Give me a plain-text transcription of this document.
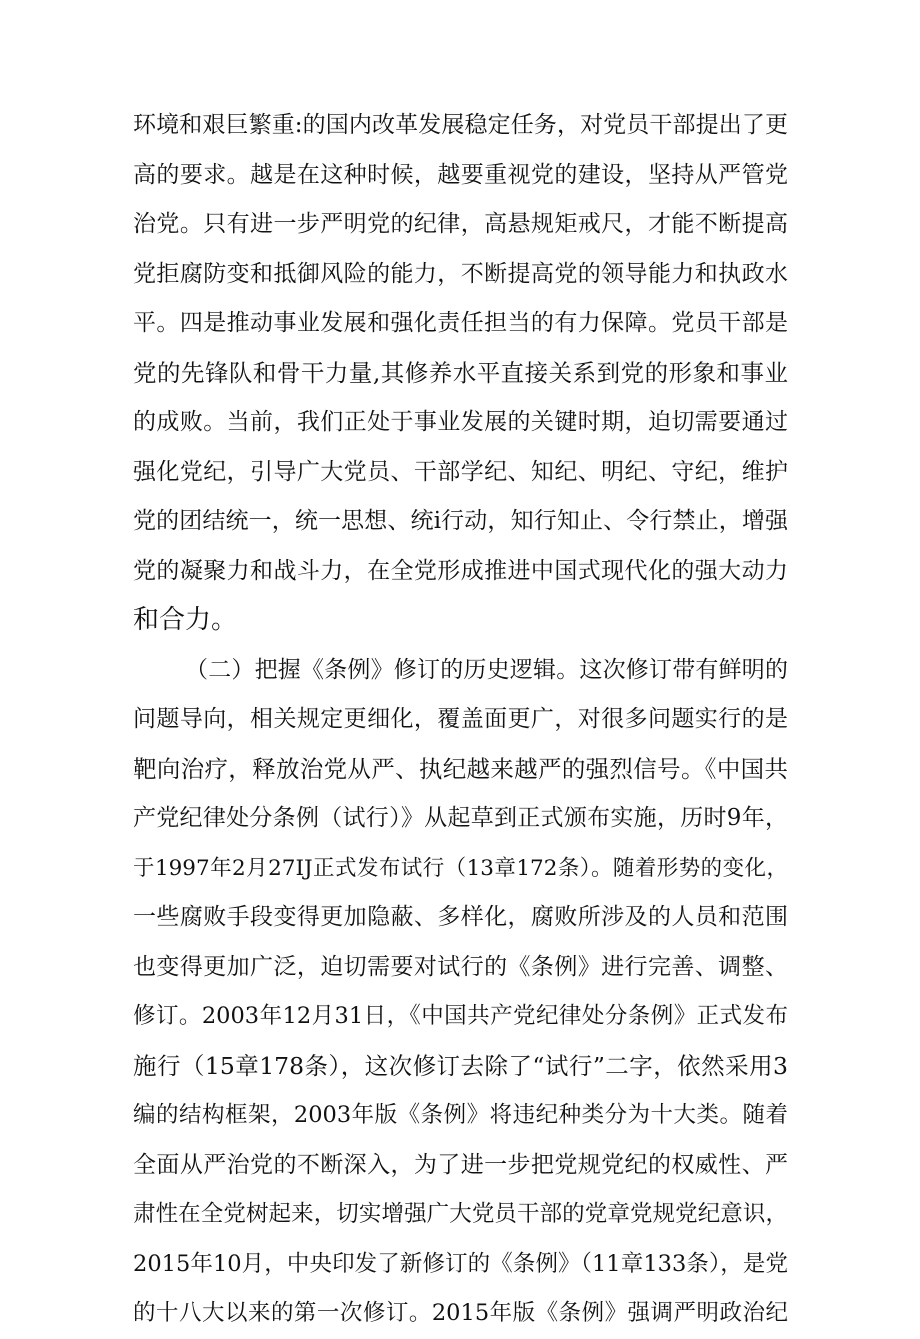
环境和艰巨繁重:的国内改革发展稳定任务，对党员干部提出了更
高的要求。越是在这种时候，越要重视党的建设，坚持从严管党
治党。只有进一步严明党的纪律，高悬规矩戒尺，才能不断提高
党拒腐防变和抵御风险的能力，不断提高党的领导能力和执政水
平。四是推动事业发展和强化责任担当的有力保障。党员干部是
党的先锋队和骨干力量,其修养水平直接关系到党的形象和事业
的成败。当前，我们正处于事业发展的关键时期，迫切需要通过
强化党纪，引导广大党员、干部学纪、知纪、明纪、守纪，维护
党的团结统一，统一思想、统i行动，知行知止、令行禁止，增强
党的凝聚力和战斗力，在全党形成推进中国式现代化的强大动力
和合力。
（二）把握《条例》修订的历史逻辑。这次修订带有鲜明的
问题导向，相关规定更细化，覆盖面更广，对很多问题实行的是
靶向治疗，释放治党从严、执纪越来越严的强烈信号。《中国共
产党纪律处分条例（试行）》从起草到正式颁布实施，历时9年，
于1997年2月27IJ正式发布试行（13章172条）。随着形势的变化，
一些腐败手段变得更加隐蔽、多样化，腐败所涉及的人员和范围
也变得更加广泛，迫切需要对试行的《条例》进行完善、调整、
修订。2003年12月31日，《中国共产党纪律处分条例》正式发布
施行（15章178条），这次修订去除了“试行”二字，依然采用3
编的结构框架，2003年版《条例》将违纪种类分为十大类。随着
全面从严治党的不断深入，为了进一步把党规党纪的权威性、严
肃性在全党树起来，切实增强广大党员干部的党章党规党纪意识，
2015年10月，中央印发了新修订的《条例》（11章133条），是党
的十八大以来的第一次修订。2015年版《条例》强调严明政治纪
